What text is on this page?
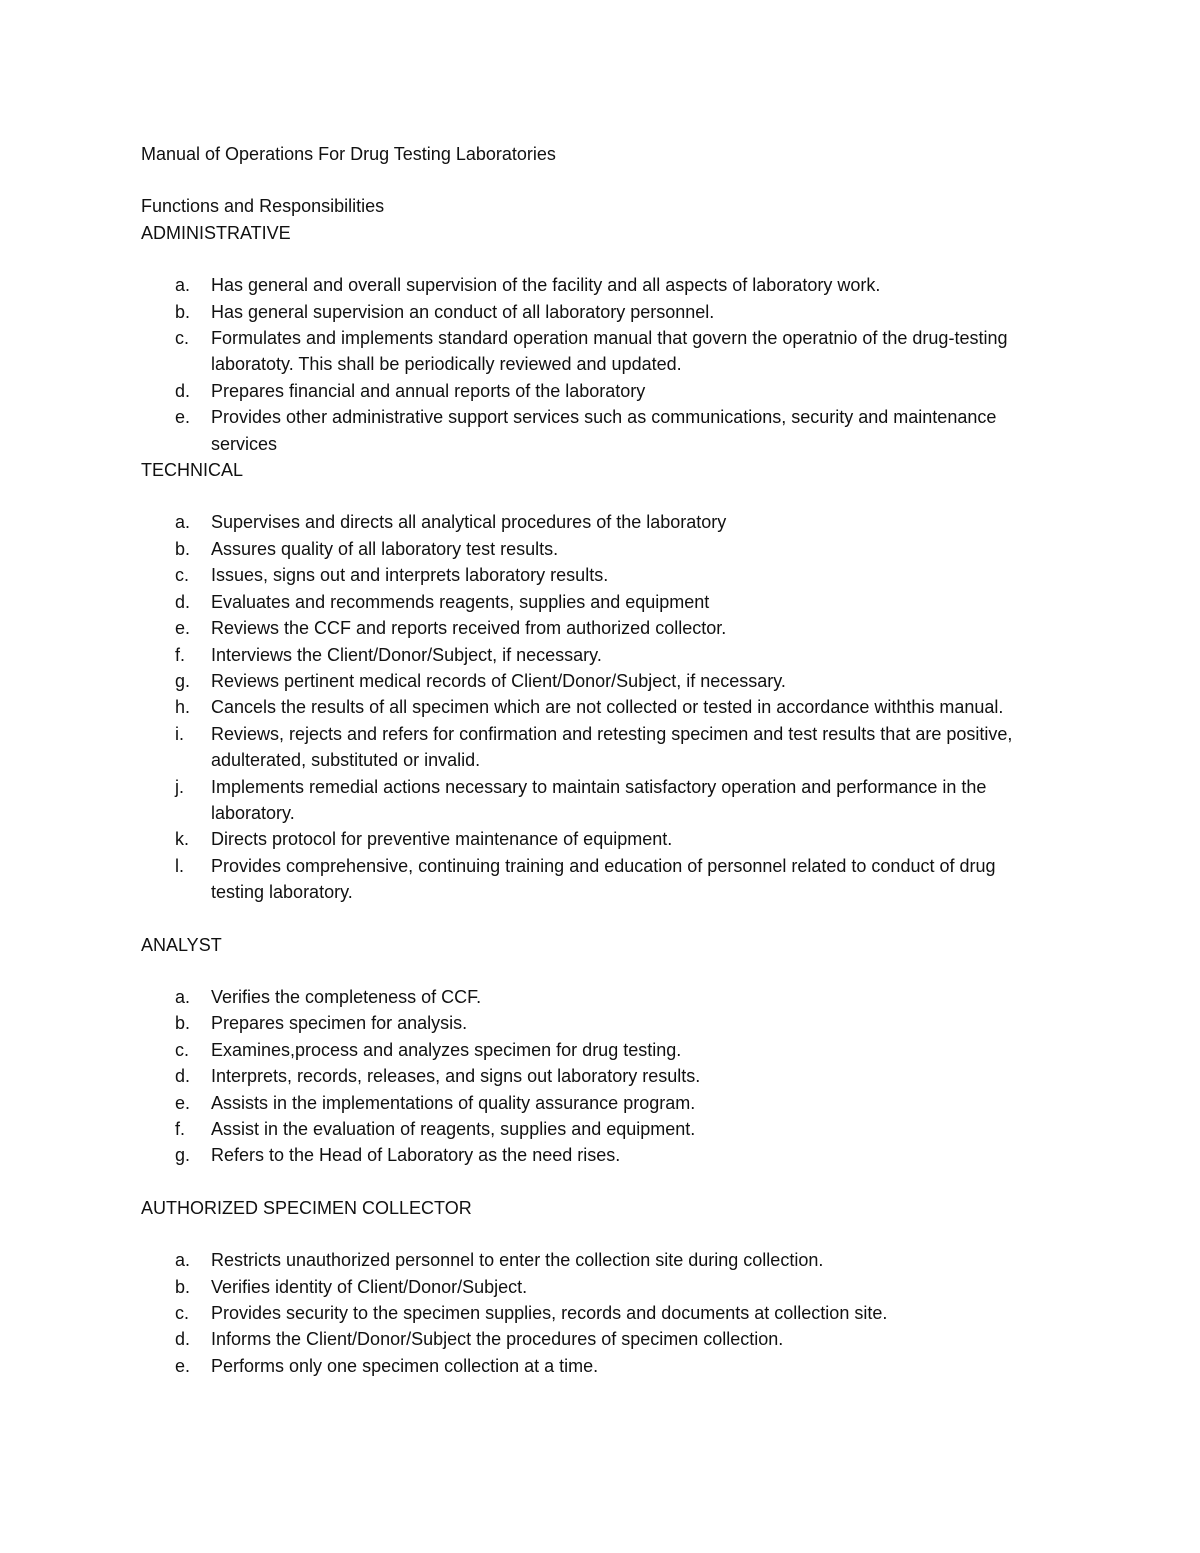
Manual of Operations For Drug Testing Laboratories
Functions and Responsibilities
ADMINISTRATIVE
a. Has general and overall supervision of the facility and all aspects of laboratory work.
b. Has general supervision an conduct of all laboratory personnel.
c. Formulates and implements standard operation manual that govern the operatnio of the drug-testing laboratoty. This shall be periodically reviewed and updated.
d. Prepares financial and annual reports of the laboratory
e. Provides other administrative support services such as communications, security and maintenance services
TECHNICAL
a. Supervises and directs all analytical procedures of the laboratory
b. Assures quality of all laboratory test results.
c. Issues, signs out and interprets laboratory results.
d. Evaluates and recommends reagents, supplies and equipment
e. Reviews the CCF and reports received from authorized collector.
f. Interviews the Client/Donor/Subject, if necessary.
g. Reviews pertinent medical records of Client/Donor/Subject, if necessary.
h. Cancels the results of all specimen which are not collected or tested in accordance withthis manual.
i. Reviews, rejects and refers for confirmation and retesting specimen and test results that are positive, adulterated, substituted or invalid.
j. Implements remedial actions necessary to maintain satisfactory operation and performance in the laboratory.
k. Directs protocol for preventive maintenance of equipment.
l. Provides comprehensive, continuing training and education of personnel related to conduct of drug testing laboratory.
ANALYST
a. Verifies the completeness of CCF.
b. Prepares specimen for analysis.
c. Examines,process and analyzes specimen for drug testing.
d. Interprets, records, releases, and signs out laboratory results.
e. Assists in the implementations of quality assurance program.
f. Assist in the evaluation of reagents, supplies and equipment.
g. Refers to the Head of Laboratory as the need rises.
AUTHORIZED SPECIMEN COLLECTOR
a. Restricts unauthorized personnel to enter the collection site during collection.
b. Verifies identity of Client/Donor/Subject.
c. Provides security to the specimen supplies, records and documents at collection site.
d. Informs the Client/Donor/Subject the procedures of specimen collection.
e. Performs only one specimen collection at a time.
